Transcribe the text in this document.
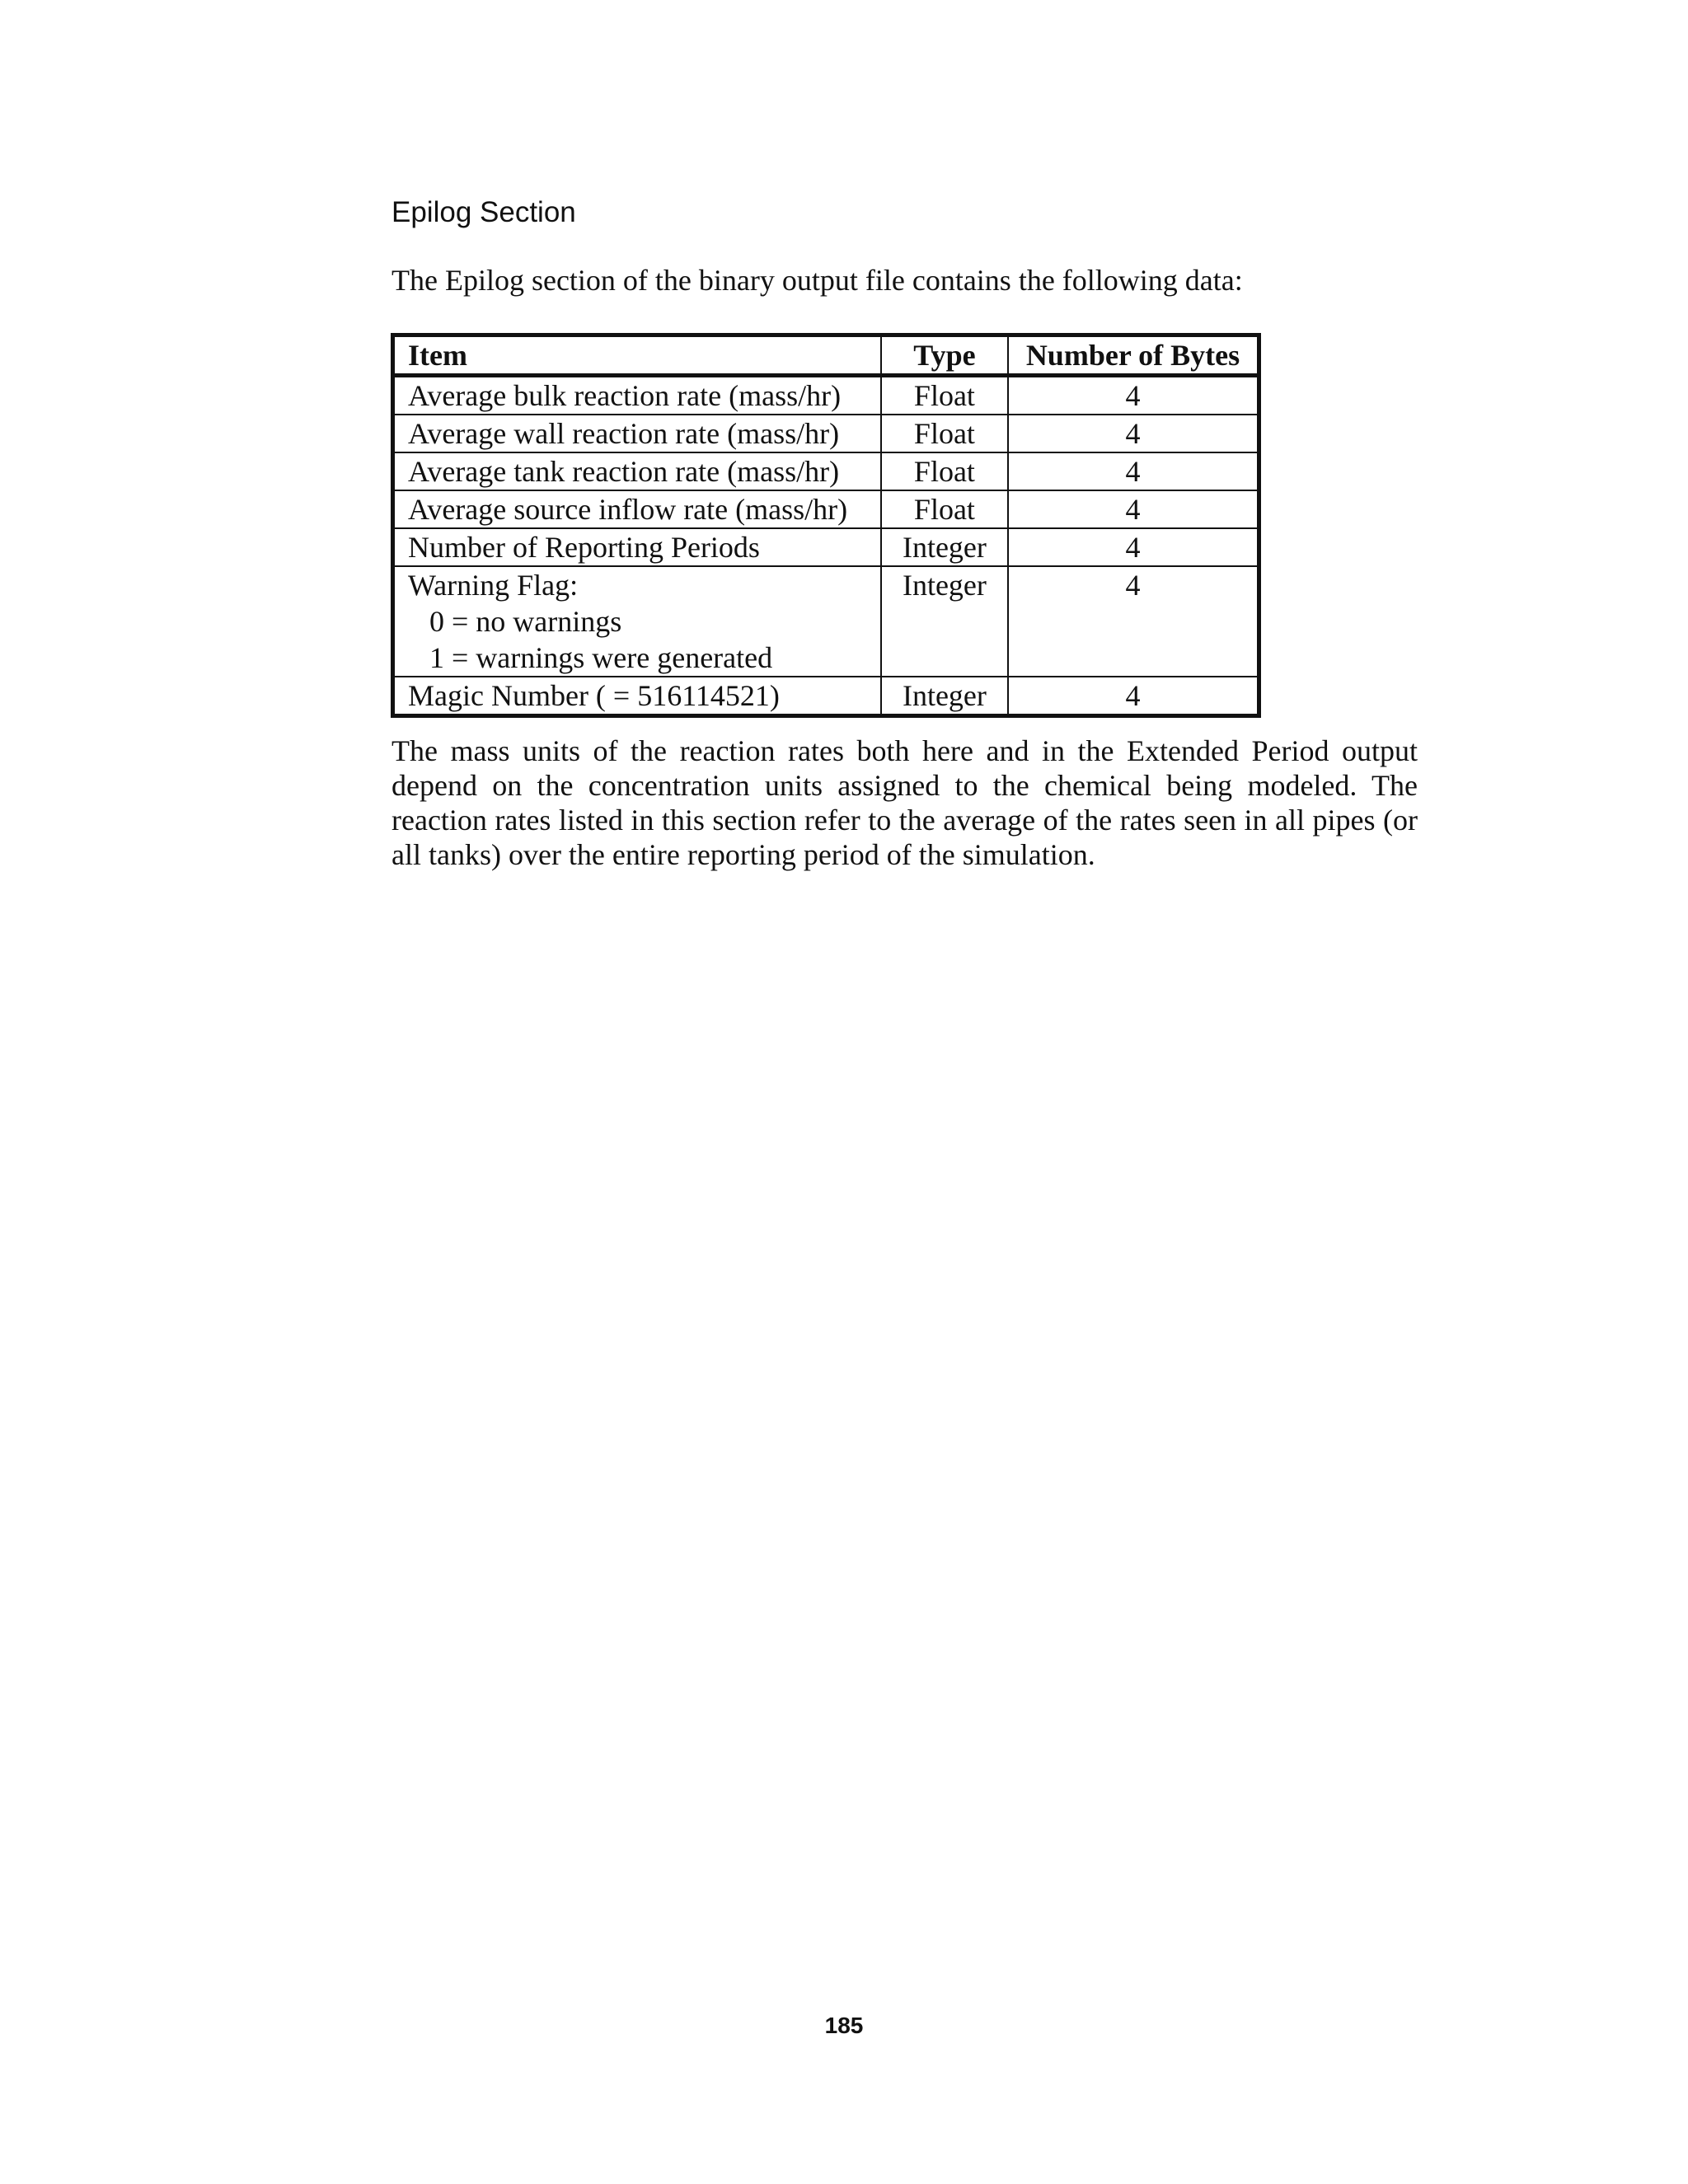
Epilog Section

The Epilog section of the binary output file contains the following data:

Item	Type	Number of Bytes
Average bulk reaction rate (mass/hr)	Float	4
Average wall reaction rate (mass/hr)	Float	4
Average tank reaction rate (mass/hr)	Float	4
Average source inflow rate (mass/hr)	Float	4
Number of Reporting Periods	Integer	4
Warning Flag:
0 = no warnings
1 = warnings were generated	Integer	4
Magic Number ( = 516114521)	Integer	4

The mass units of the reaction rates both here and in the Extended Period output depend on the concentration units assigned to the chemical being modeled. The reaction rates listed in this section refer to the average of the rates seen in all pipes (or all tanks) over the entire reporting period of the simulation.

185
